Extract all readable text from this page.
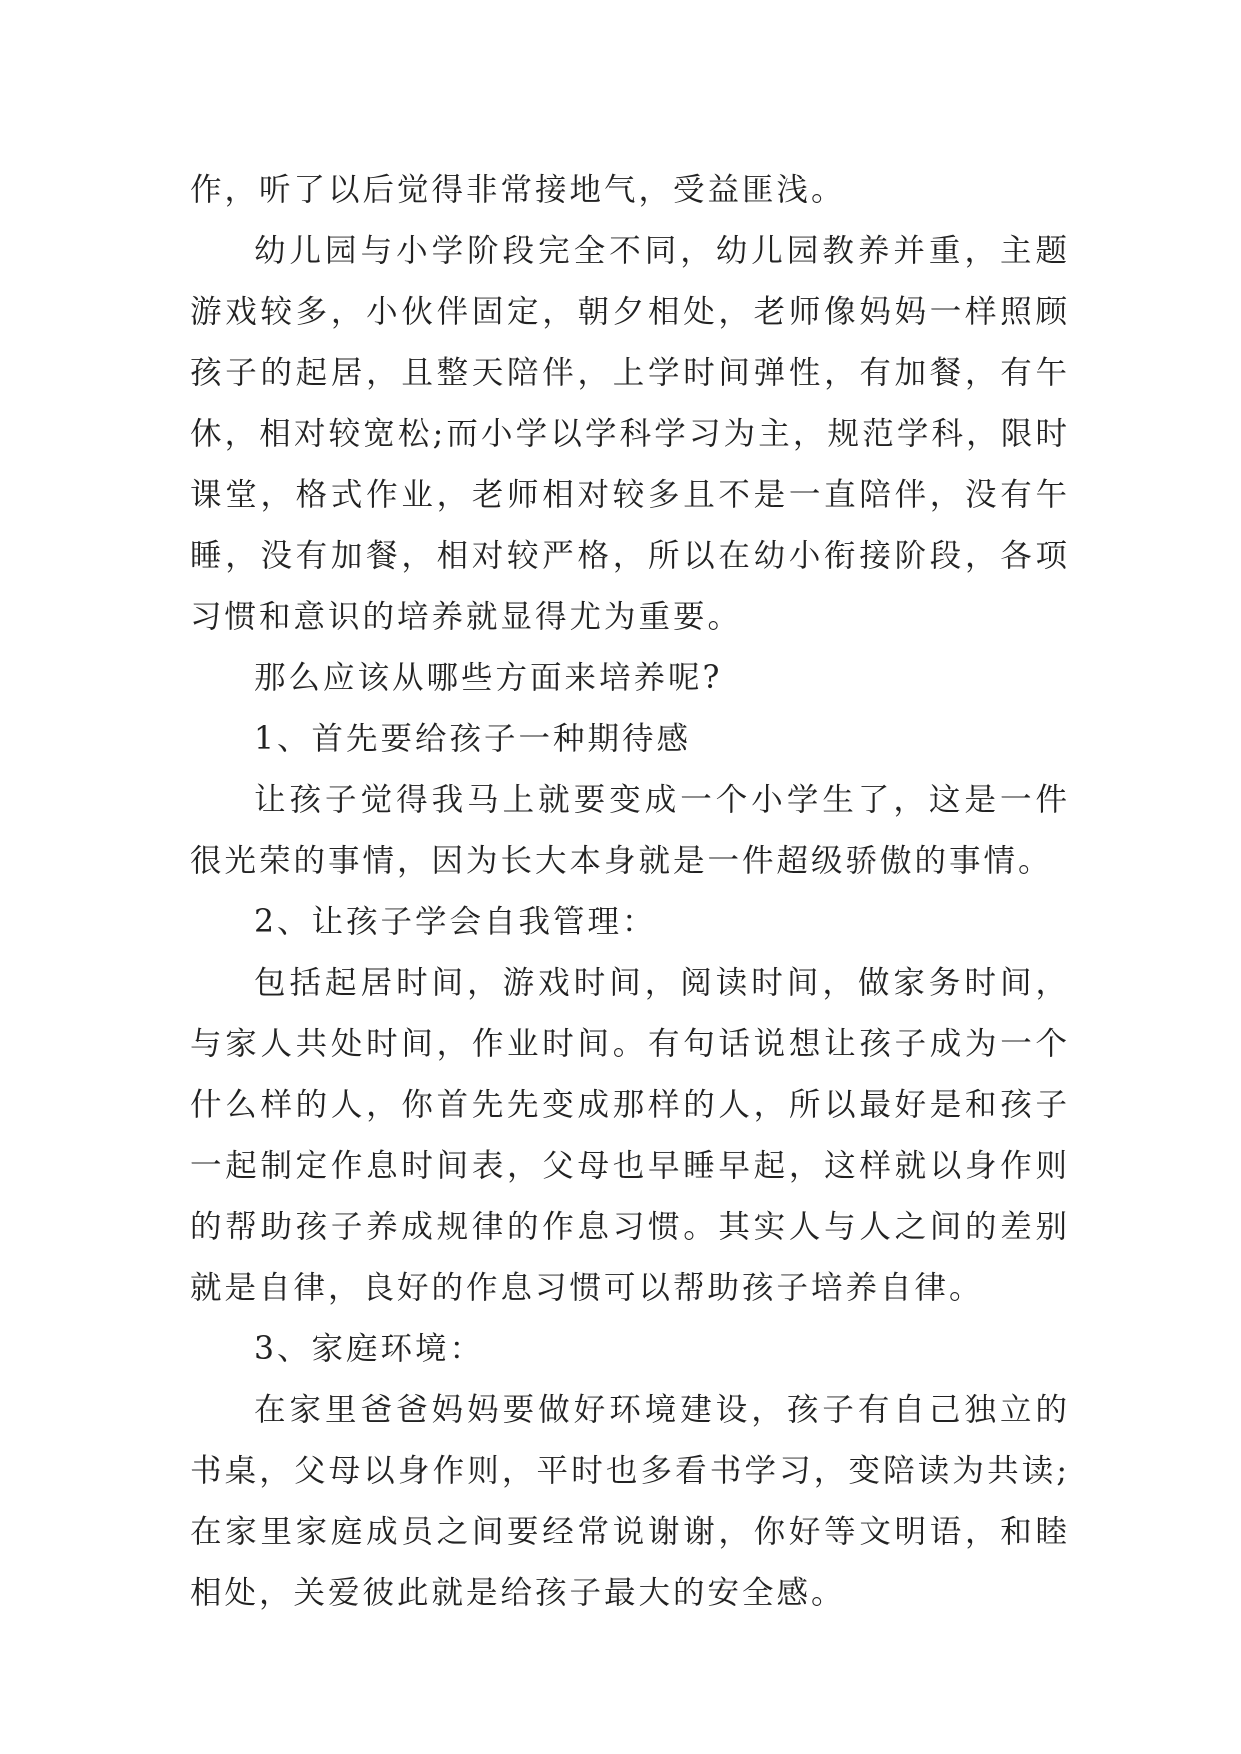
作，听了以后觉得非常接地气，受益匪浅。

幼儿园与小学阶段完全不同，幼儿园教养并重，主题游戏较多，小伙伴固定，朝夕相处，老师像妈妈一样照顾孩子的起居，且整天陪伴，上学时间弹性，有加餐，有午休，相对较宽松;而小学以学科学习为主，规范学科，限时课堂，格式作业，老师相对较多且不是一直陪伴，没有午睡，没有加餐，相对较严格，所以在幼小衔接阶段，各项习惯和意识的培养就显得尤为重要。

那么应该从哪些方面来培养呢?

1、首先要给孩子一种期待感

让孩子觉得我马上就要变成一个小学生了，这是一件很光荣的事情，因为长大本身就是一件超级骄傲的事情。

2、让孩子学会自我管理：

包括起居时间，游戏时间，阅读时间，做家务时间，与家人共处时间，作业时间。有句话说想让孩子成为一个什么样的人，你首先先变成那样的人，所以最好是和孩子一起制定作息时间表，父母也早睡早起，这样就以身作则的帮助孩子养成规律的作息习惯。其实人与人之间的差别就是自律，良好的作息习惯可以帮助孩子培养自律。

3、家庭环境：

在家里爸爸妈妈要做好环境建设，孩子有自己独立的书桌，父母以身作则，平时也多看书学习，变陪读为共读;在家里家庭成员之间要经常说谢谢，你好等文明语，和睦相处，关爱彼此就是给孩子最大的安全感。
